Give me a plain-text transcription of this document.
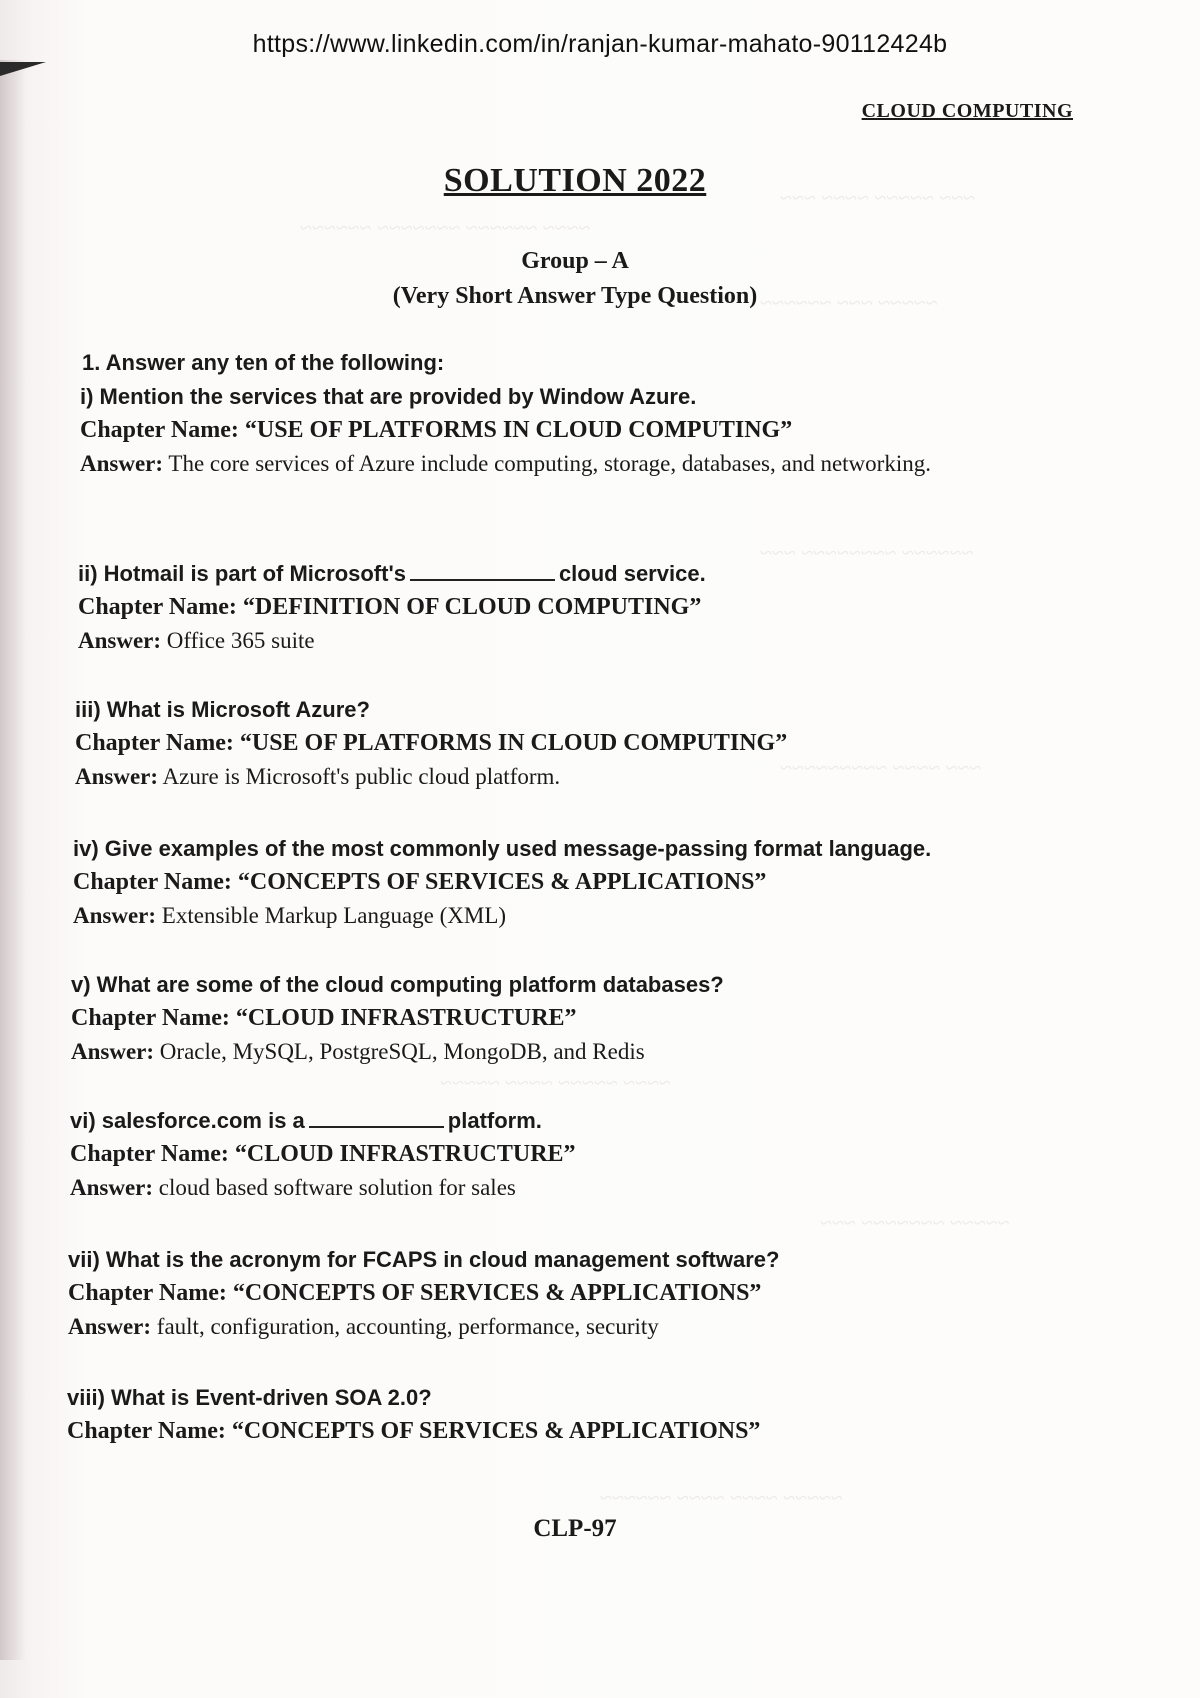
~~~ ~~~~~ ~~~~ ~~~
~~~~ ~~~~~~ ~~~~~~~ ~~~~~~
~~~~~ ~~~ ~~~~~~
~~~~~~ ~~~~~~~~ ~~~
~~~ ~~~~ ~~~~~~~~~
~~~~ ~~~~~ ~~~~ ~~~~~
~~~~~ ~~~~~~~ ~~~
~~~~~ ~~~~ ~~~~ ~~~~~~
https://www.linkedin.com/in/ranjan-kumar-mahato-90112424b
CLOUD COMPUTING
SOLUTION 2022
Group – A
(Very Short Answer Type Question)
1. Answer any ten of the following:
i) Mention the services that are provided by Window Azure.
Chapter Name: “USE OF PLATFORMS IN CLOUD COMPUTING”
Answer: The core services of Azure include computing, storage, databases, and networking.
ii) Hotmail is part of Microsoft's	cloud service.
Chapter Name: “DEFINITION OF CLOUD COMPUTING”
Answer: Office 365 suite
iii) What is Microsoft Azure?
Chapter Name: “USE OF PLATFORMS IN CLOUD COMPUTING”
Answer: Azure is Microsoft's public cloud platform.
iv) Give examples of the most commonly used message-passing format language.
Chapter Name: “CONCEPTS OF SERVICES & APPLICATIONS”
Answer: Extensible Markup Language (XML)
v) What are some of the cloud computing platform databases?
Chapter Name: “CLOUD INFRASTRUCTURE”
Answer: Oracle, MySQL, PostgreSQL, MongoDB, and Redis
vi) salesforce.com is a	platform.
Chapter Name: “CLOUD INFRASTRUCTURE”
Answer: cloud based software solution for sales
vii) What is the acronym for FCAPS in cloud management software?
Chapter Name: “CONCEPTS OF SERVICES & APPLICATIONS”
Answer: fault, configuration, accounting, performance, security
viii) What is Event-driven SOA 2.0?
Chapter Name: “CONCEPTS OF SERVICES & APPLICATIONS”
CLP-97
